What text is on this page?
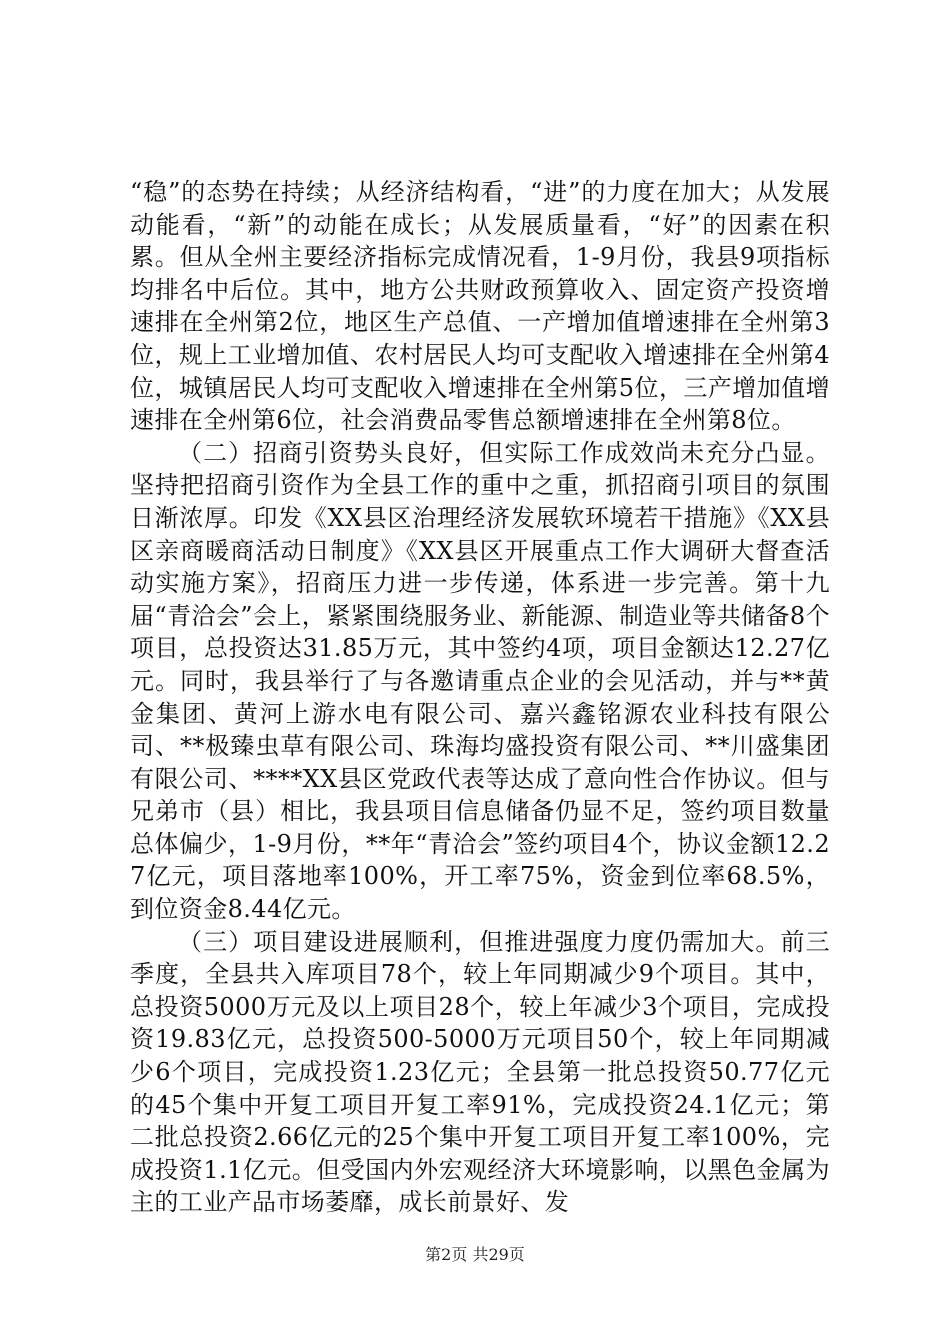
“稳”的态势在持续；从经济结构看，“进”的力度在加大；从发展动能看，“新”的动能在成长；从发展质量看，“好”的因素在积累。但从全州主要经济指标完成情况看，1-9月份，我县9项指标均排名中后位。其中，地方公共财政预算收入、固定资产投资增速排在全州第2位，地区生产总值、一产增加值增速排在全州第3位，规上工业增加值、农村居民人均可支配收入增速排在全州第4位，城镇居民人均可支配收入增速排在全州第5位，三产增加值增速排在全州第6位，社会消费品零售总额增速排在全州第8位。

（二）招商引资势头良好，但实际工作成效尚未充分凸显。坚持把招商引资作为全县工作的重中之重，抓招商引项目的氛围日渐浓厚。印发《XX县区治理经济发展软环境若干措施》《XX县区亲商暖商活动日制度》《XX县区开展重点工作大调研大督查活动实施方案》，招商压力进一步传递，体系进一步完善。第十九届“青洽会”会上，紧紧围绕服务业、新能源、制造业等共储备8个项目，总投资达31.85万元，其中签约4项，项目金额达12.27亿元。同时，我县举行了与各邀请重点企业的会见活动，并与**黄金集团、黄河上游水电有限公司、嘉兴鑫铭源农业科技有限公司、**极臻虫草有限公司、珠海均盛投资有限公司、**川盛集团有限公司、****XX县区党政代表等达成了意向性合作协议。但与兄弟市（县）相比，我县项目信息储备仍显不足，签约项目数量总体偏少，1-9月份，**年“青洽会”签约项目4个，协议金额12.27亿元，项目落地率100%，开工率75%，资金到位率68.5%，到位资金8.44亿元。

（三）项目建设进展顺利，但推进强度力度仍需加大。前三季度，全县共入库项目78个，较上年同期减少9个项目。其中，总投资5000万元及以上项目28个，较上年减少3个项目，完成投资19.83亿元，总投资500-5000万元项目50个，较上年同期减少6个项目，完成投资1.23亿元；全县第一批总投资50.77亿元的45个集中开复工项目开复工率91%，完成投资24.1亿元；第二批总投资2.66亿元的25个集中开复工项目开复工率100%，完成投资1.1亿元。但受国内外宏观经济大环境影响，以黑色金属为主的工业产品市场萎靡，成长前景好、发

第2页 共29页
